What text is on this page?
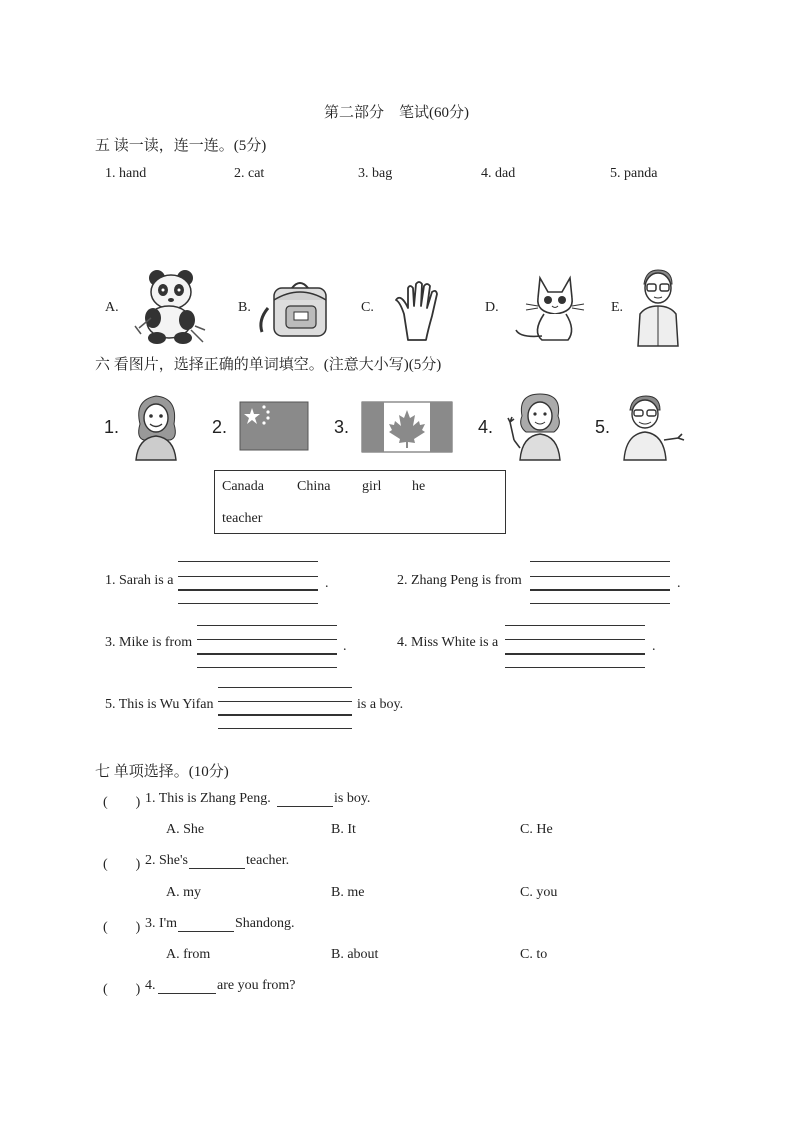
第二部分　笔试(60分)
五 读一读，连一连。(5分)
1. hand	2. cat	3. bag	4. dad	5. panda
A.	B.	C.	D.	E.
六 看图片，选择正确的单词填空。(注意大小写)(5分)
1.	2.	3.	4.	5.
Canada China girl he
teacher
1. Sarah is a	.	2. Zhang Peng is from	.
3. Mike is from	.	4. Miss White is a	.
5. This is Wu Yifan	is a boy.
七 单项选择。(10分)
(　　) 1. This is Zhang Peng.	is boy.
A. She	B. It	C. He
(　　) 2. She's	teacher.
A. my	B. me	C. you
(　　) 3. I'm	Shandong.
A. from	B. about	C. to
(　　) 4.	are you from?
